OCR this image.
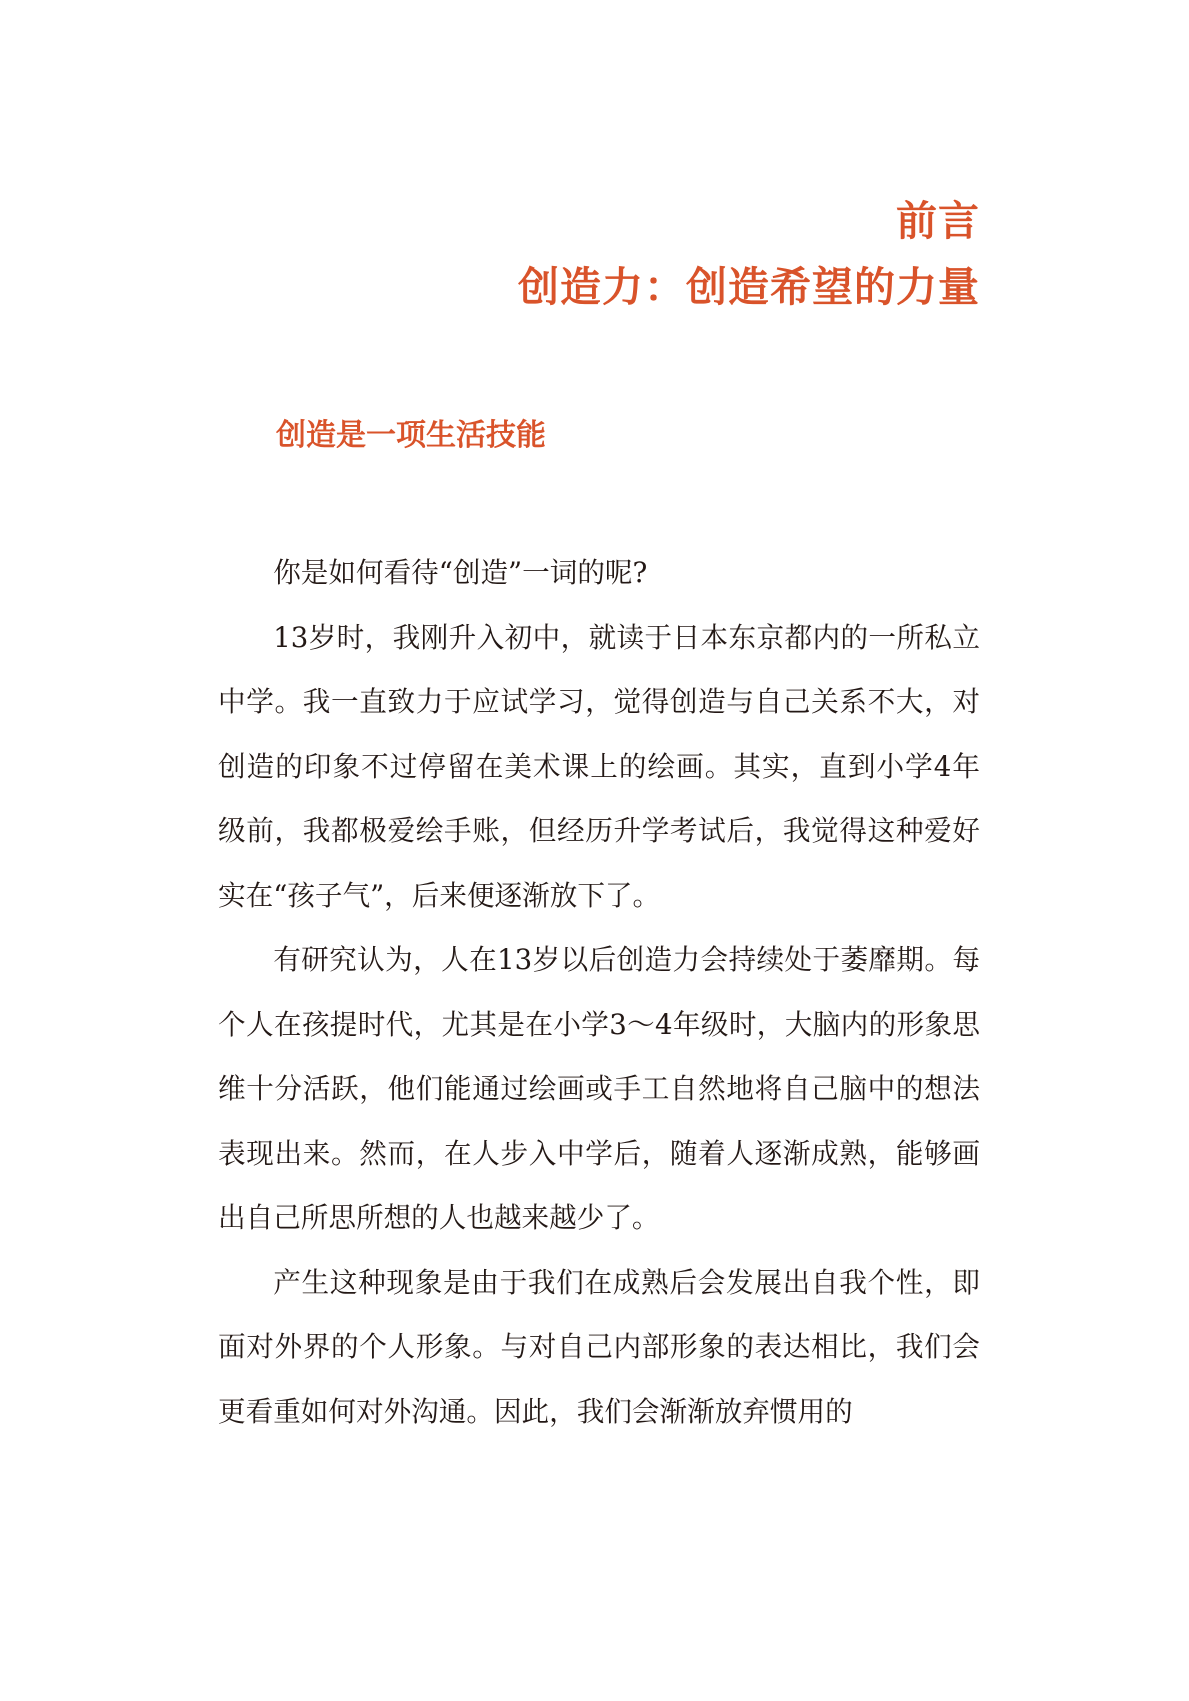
前言
创造力：创造希望的力量
创造是一项生活技能

你是如何看待“创造”一词的呢?

13岁时，我刚升入初中，就读于日本东京都内的一所私立中学。我一直致力于应试学习，觉得创造与自己关系不大，对创造的印象不过停留在美术课上的绘画。其实，直到小学4年级前，我都极爱绘手账，但经历升学考试后，我觉得这种爱好实在“孩子气”，后来便逐渐放下了。

有研究认为，人在13岁以后创造力会持续处于萎靡期。每个人在孩提时代，尤其是在小学3～4年级时，大脑内的形象思维十分活跃，他们能通过绘画或手工自然地将自己脑中的想法表现出来。然而，在人步入中学后，随着人逐渐成熟，能够画出自己所思所想的人也越来越少了。

产生这种现象是由于我们在成熟后会发展出自我个性，即面对外界的个人形象。与对自己内部形象的表达相比，我们会更看重如何对外沟通。因此，我们会渐渐放弃惯用的
